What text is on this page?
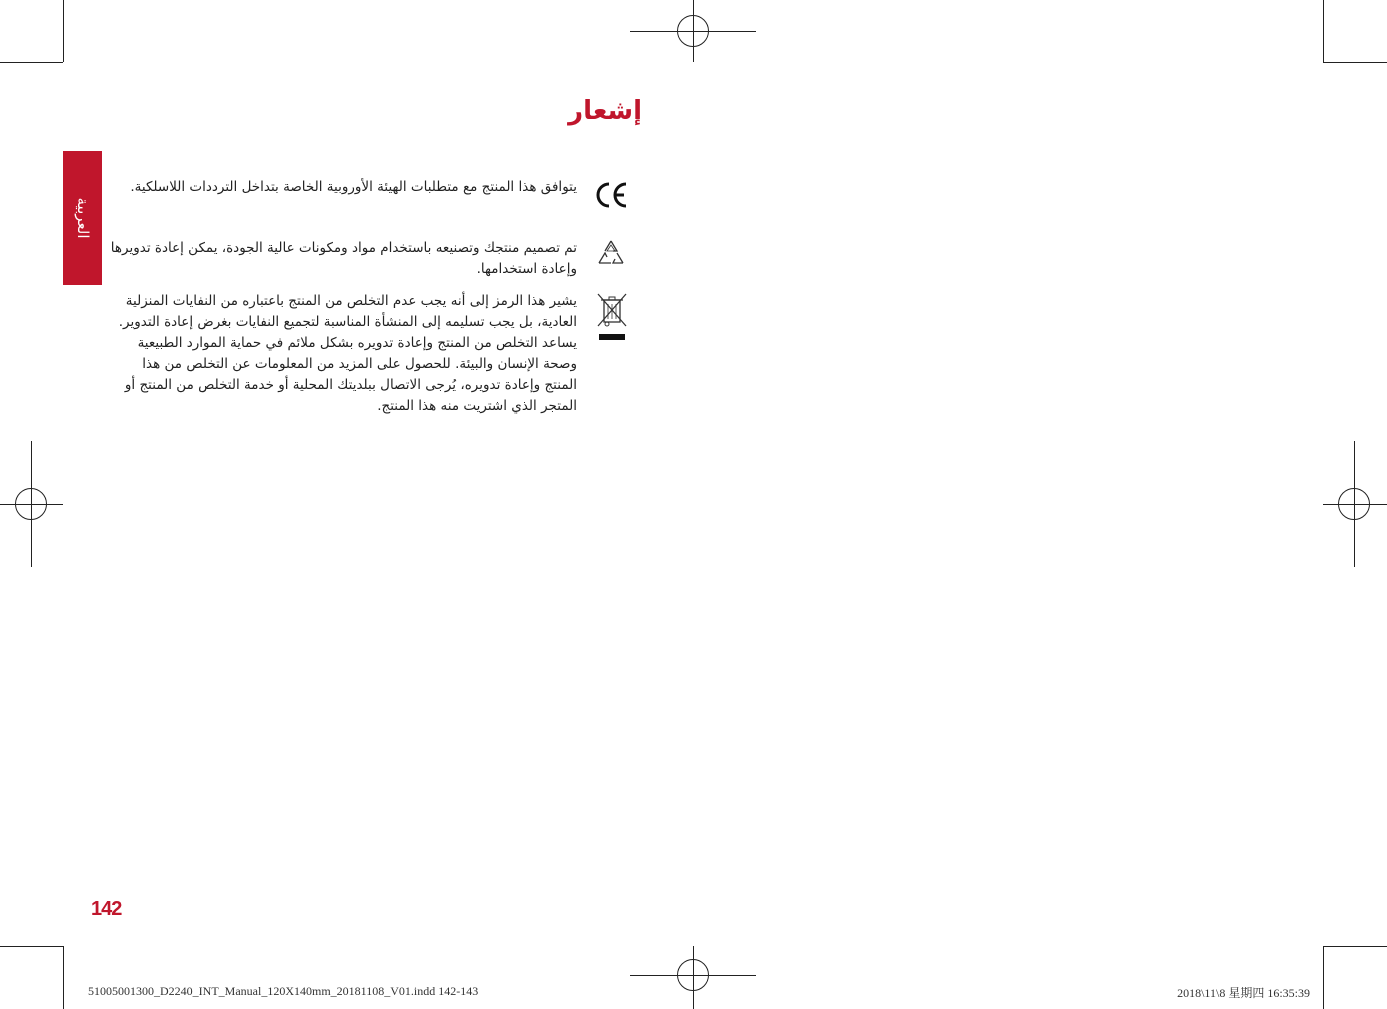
العربية
إشعار
يتوافق هذا المنتج مع متطلبات الهيئة الأوروبية الخاصة بتداخل الترددات اللاسلكية.
تم تصميم منتجك وتصنيعه باستخدام مواد ومكونات عالية الجودة، يمكن إعادة تدويرها وإعادة استخدامها.
يشير هذا الرمز إلى أنه يجب عدم التخلص من المنتج باعتباره من النفايات المنزلية العادية، بل يجب تسليمه إلى المنشأة المناسبة لتجميع النفايات بغرض إعادة التدوير. يساعد التخلص من المنتج وإعادة تدويره بشكل ملائم في حماية الموارد الطبيعية وصحة الإنسان والبيئة. للحصول على المزيد من المعلومات عن التخلص من هذا المنتج وإعادة تدويره، يُرجى الاتصال ببلديتك المحلية أو خدمة التخلص من المنتج أو المتجر الذي اشتريت منه هذا المنتج.
142
51005001300_D2240_INT_Manual_120X140mm_20181108_V01.indd 142-143	2018\11\8 星期四 16:35:39
